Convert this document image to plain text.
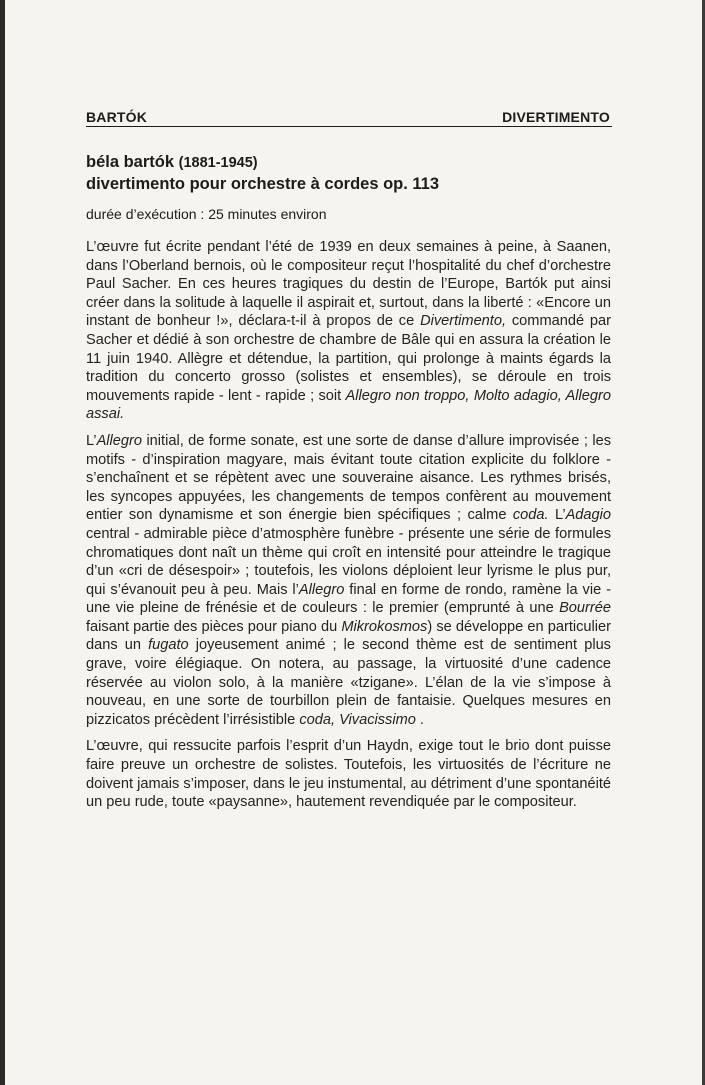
BARTÓK	DIVERTIMENTO
béla bartók (1881-1945)
divertimento pour orchestre à cordes op. 113
durée d’exécution : 25 minutes environ

L’œuvre fut écrite pendant l’été de 1939 en deux semaines à peine, à Saanen, dans l’Oberland bernois, où le compositeur reçut l’hospitalité du chef d’orchestre Paul Sacher. En ces heures tragiques du destin de l’Europe, Bartók put ainsi créer dans la solitude à laquelle il aspirait et, surtout, dans la liberté : «Encore un instant de bonheur !», déclara-t-il à propos de ce Divertimento, commandé par Sacher et dédié à son orchestre de chambre de Bâle qui en assura la création le 11 juin 1940. Allègre et détendue, la partition, qui prolonge à maints égards la tradition du concerto grosso (solistes et ensembles), se déroule en trois mouvements rapide - lent - rapide ; soit Allegro non troppo, Molto adagio, Allegro assai.

L’Allegro initial, de forme sonate, est une sorte de danse d’allure improvisée ; les motifs - d’inspiration magyare, mais évitant toute citation explicite du folklore - s’enchaînent et se répètent avec une souveraine aisance. Les rythmes brisés, les syncopes appuyées, les changements de tempos confèrent au mouvement entier son dynamisme et son énergie bien spécifiques ; calme coda. L’Adagio central - admirable pièce d’atmosphère funèbre - présente une série de formules chromatiques dont naît un thème qui croît en intensité pour atteindre le tragique d’un «cri de désespoir» ; toutefois, les violons déploient leur lyrisme le plus pur, qui s’évanouit peu à peu. Mais l’Allegro final en forme de rondo, ramène la vie - une vie pleine de frénésie et de couleurs : le premier (emprunté à une Bourrée faisant partie des pièces pour piano du Mikrokosmos) se développe en particulier dans un fugato joyeusement animé ; le second thème est de sentiment plus grave, voire élégiaque. On notera, au passage, la virtuosité d’une cadence réservée au violon solo, à la manière «tzigane». L’élan de la vie s’impose à nouveau, en une sorte de tourbillon plein de fantaisie. Quelques mesures en pizzicatos précèdent l’irrésistible coda, Vivacissimo .

L’œuvre, qui ressucite parfois l’esprit d’un Haydn, exige tout le brio dont puisse faire preuve un orchestre de solistes. Toutefois, les virtuosités de l’écriture ne doivent jamais s’imposer, dans le jeu instumental, au détriment d’une spontanéité un peu rude, toute «paysanne», hautement revendiquée par le compositeur.
